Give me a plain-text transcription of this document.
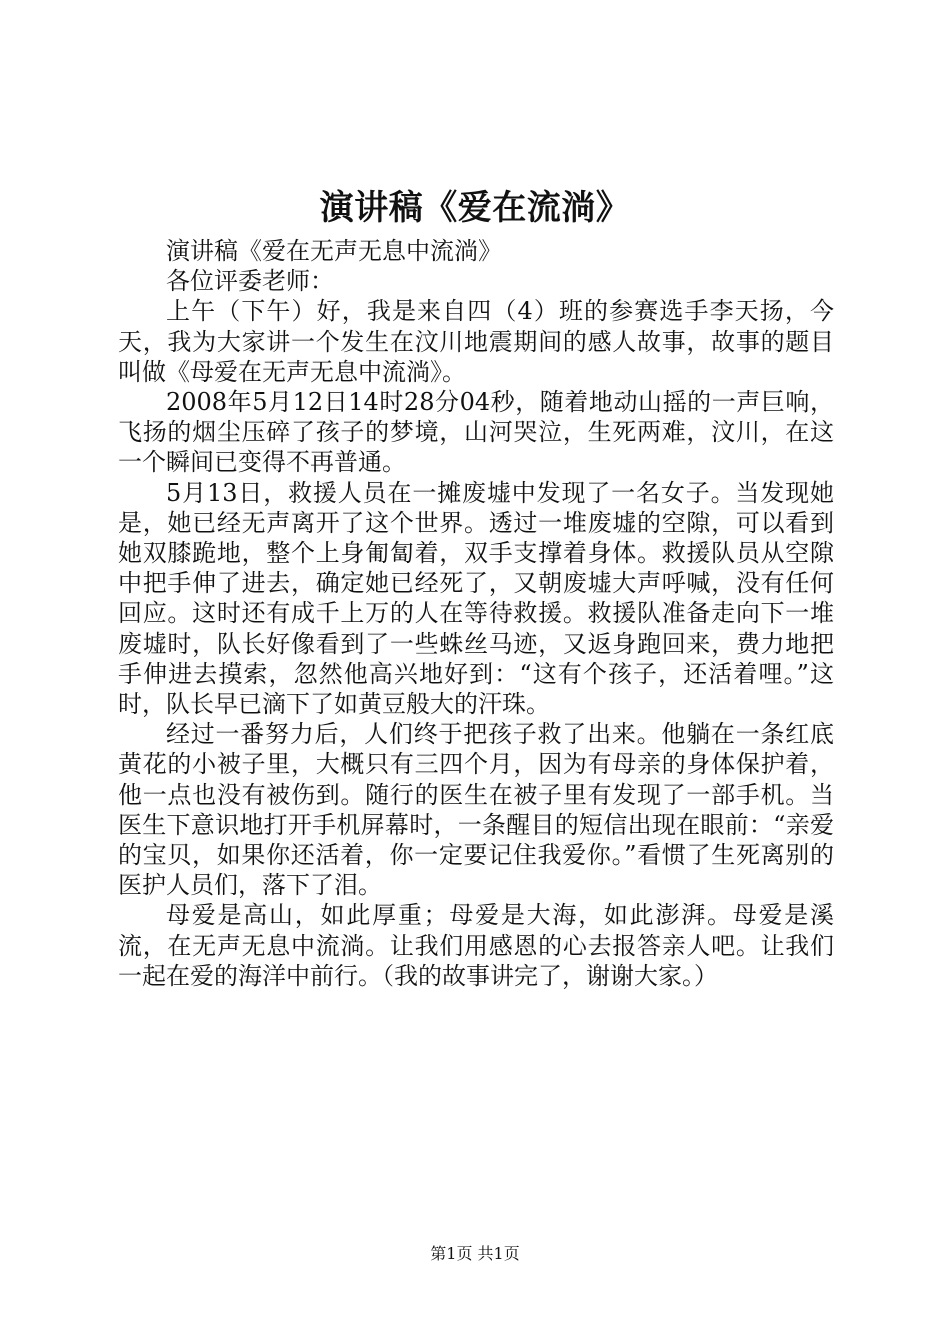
演讲稿《爱在流淌》

演讲稿《爱在无声无息中流淌》

各位评委老师：

上午（下午）好，我是来自四（4）班的参赛选手李天扬，今天，我为大家讲一个发生在汶川地震期间的感人故事，故事的题目叫做《母爱在无声无息中流淌》。

2008年5月12日14时28分04秒，随着地动山摇的一声巨响，飞扬的烟尘压碎了孩子的梦境，山河哭泣，生死两难，汶川，在这一个瞬间已变得不再普通。

5月13日，救援人员在一摊废墟中发现了一名女子。当发现她是，她已经无声离开了这个世界。透过一堆废墟的空隙，可以看到她双膝跪地，整个上身匍匐着，双手支撑着身体。救援队员从空隙中把手伸了进去，确定她已经死了，又朝废墟大声呼喊，没有任何回应。这时还有成千上万的人在等待救援。救援队准备走向下一堆废墟时，队长好像看到了一些蛛丝马迹，又返身跑回来，费力地把手伸进去摸索，忽然他高兴地好到：“这有个孩子，还活着哩。”这时，队长早已滴下了如黄豆般大的汗珠。

经过一番努力后，人们终于把孩子救了出来。他躺在一条红底黄花的小被子里，大概只有三四个月，因为有母亲的身体保护着，他一点也没有被伤到。随行的医生在被子里有发现了一部手机。当医生下意识地打开手机屏幕时，一条醒目的短信出现在眼前：“亲爱的宝贝，如果你还活着，你一定要记住我爱你。”看惯了生死离别的医护人员们，落下了泪。

母爱是高山，如此厚重；母爱是大海，如此澎湃。母爱是溪流，在无声无息中流淌。让我们用感恩的心去报答亲人吧。让我们一起在爱的海洋中前行。（我的故事讲完了，谢谢大家。）

第1页 共1页
